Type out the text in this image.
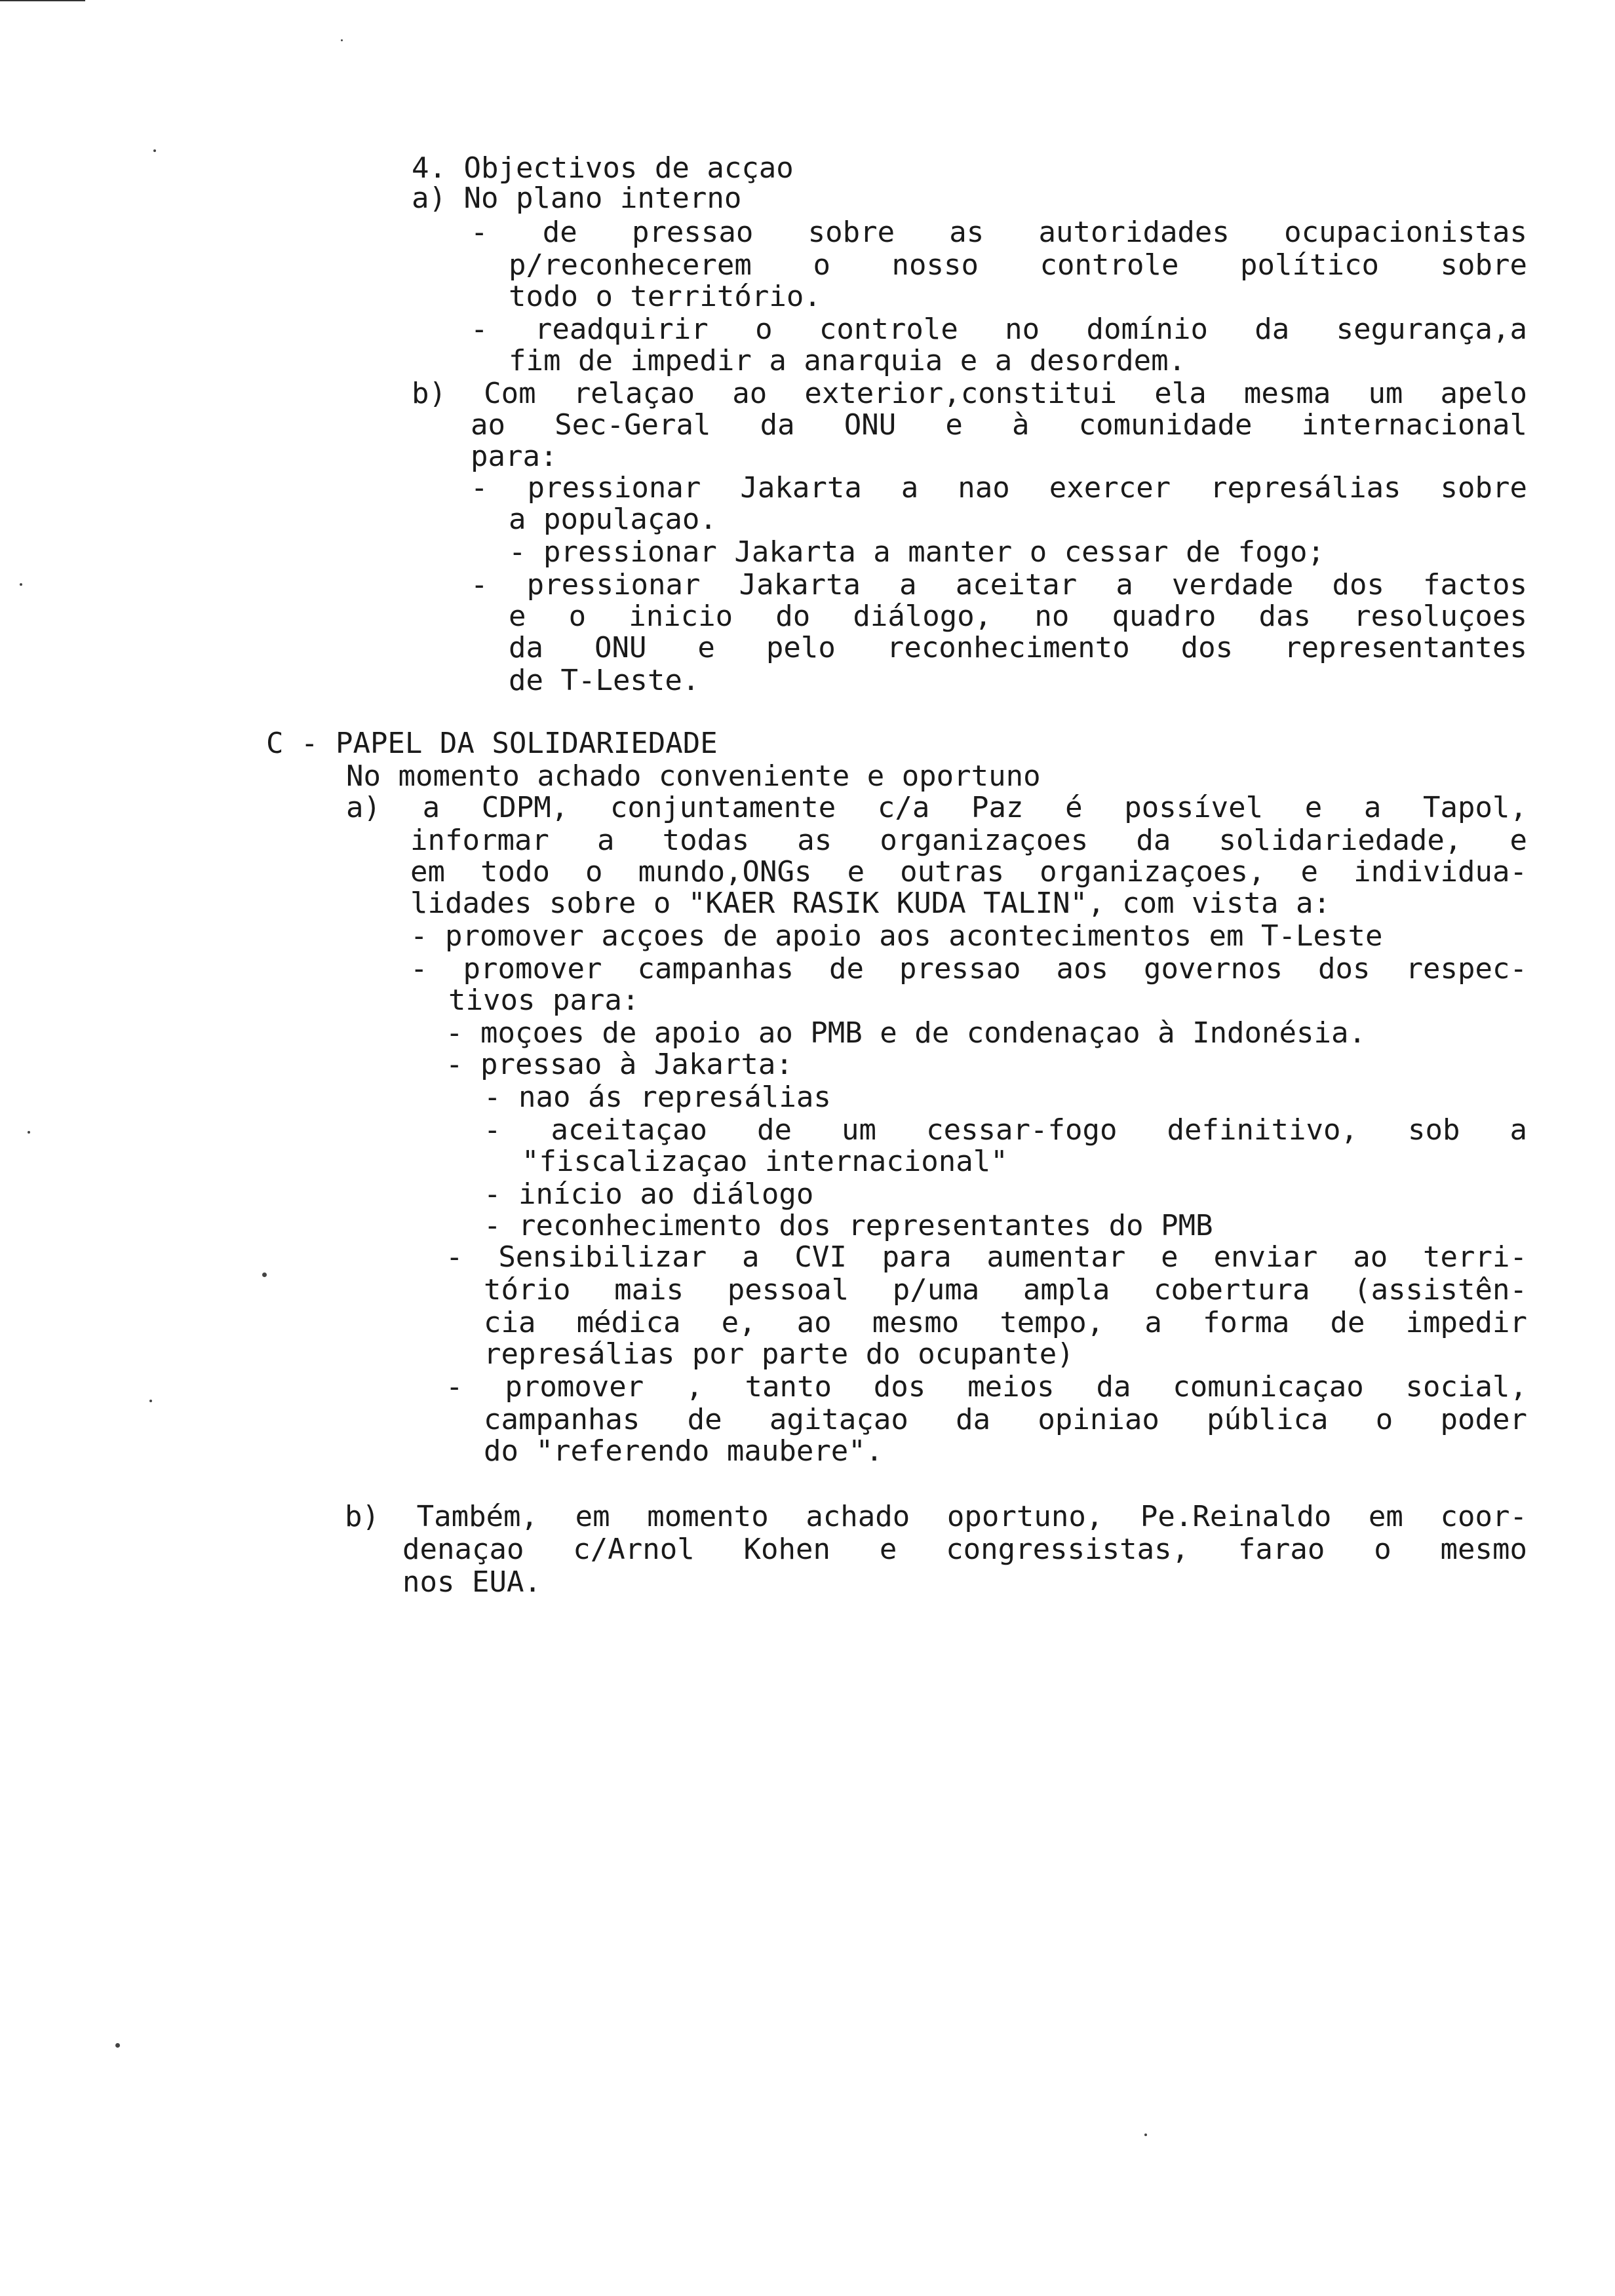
4. Objectivos de acçao
a) No plano interno
- de pressao sobre as autoridades ocupacionistas
p/reconhecerem o nosso controle político sobre
todo o território.
- readquirir o controle no domínio da segurança,a
fim de impedir a anarquia e a desordem.
b) Com relaçao ao exterior,constitui ela mesma um apelo
ao Sec-Geral da ONU e à comunidade internacional
para:
- pressionar Jakarta a nao exercer represálias sobre
a populaçao.
- pressionar Jakarta a manter o cessar de fogo;
- pressionar Jakarta a aceitar a verdade dos factos
e o inicio do diálogo, no quadro das resoluçoes
da ONU e pelo reconhecimento dos representantes
de T-Leste.
C - PAPEL DA SOLIDARIEDADE
No momento achado conveniente e oportuno
a) a CDPM, conjuntamente c/a Paz é possível e a Tapol,
informar a todas as organizaçoes da solidariedade, e
em todo o mundo,ONGs e outras organizaçoes, e individua-
lidades sobre o "KAER RASIK KUDA TALIN", com vista a:
- promover acçoes de apoio aos acontecimentos em T-Leste
- promover campanhas de pressao aos governos dos respec-
tivos para:
- moçoes de apoio ao PMB e de condenaçao à Indonésia.
- pressao à Jakarta:
- nao ás represálias
- aceitaçao de um cessar-fogo definitivo, sob a
"fiscalizaçao internacional"
- início ao diálogo
- reconhecimento dos representantes do PMB
- Sensibilizar a CVI para aumentar e enviar ao terri-
tório mais pessoal p/uma ampla cobertura (assistên-
cia médica e, ao mesmo tempo, a forma de impedir
represálias por parte do ocupante)
- promover , tanto dos meios da comunicaçao social,
campanhas de agitaçao da opiniao pública o poder
do "referendo maubere".
b) Também, em momento achado oportuno, Pe.Reinaldo em coor-
denaçao c/Arnol Kohen e congressistas, farao o mesmo
nos EUA.
